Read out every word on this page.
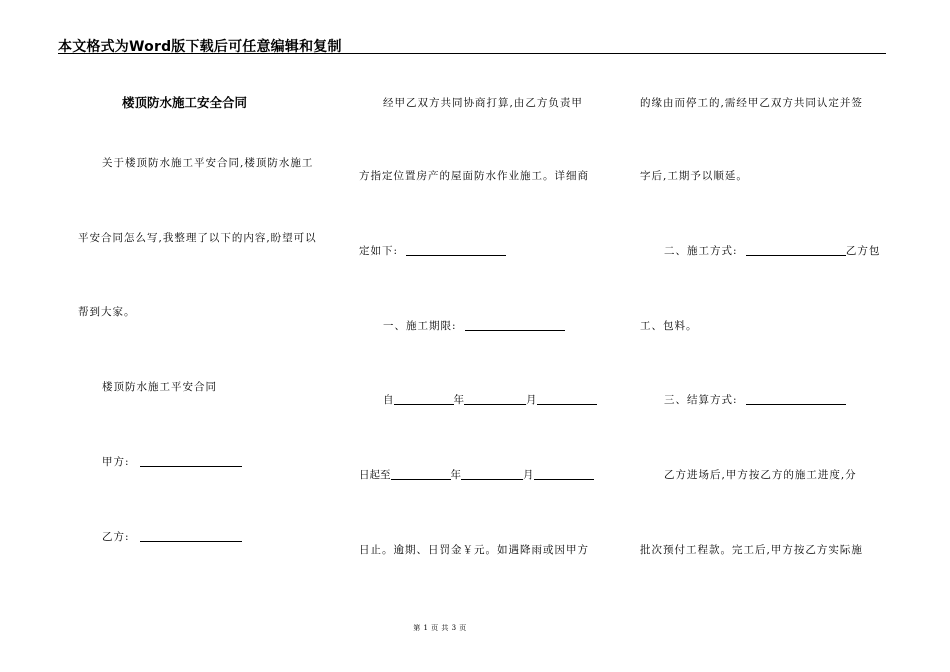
本文格式为Word版下载后可任意编辑和复制
楼顶防水施工安全合同
关于楼顶防水施工平安合同,楼顶防水施工
平安合同怎么写,我整理了以下的内容,盼望可以
帮到大家。
楼顶防水施工平安合同
甲方:
乙方:
经甲乙双方共同协商打算,由乙方负责甲
方指定位置房产的屋面防水作业施工。详细商
定如下:
一、施工期限:
自	年	月
日起至	年	月
日止。逾期、日罚金￥元。如遇降雨或因甲方
的缘由而停工的,需经甲乙双方共同认定并签
字后,工期予以顺延。
二、施工方式:	乙方包
工、包料。
三、结算方式:
乙方进场后,甲方按乙方的施工进度,分
批次预付工程款。完工后,甲方按乙方实际施
第 1 页 共 3 页
